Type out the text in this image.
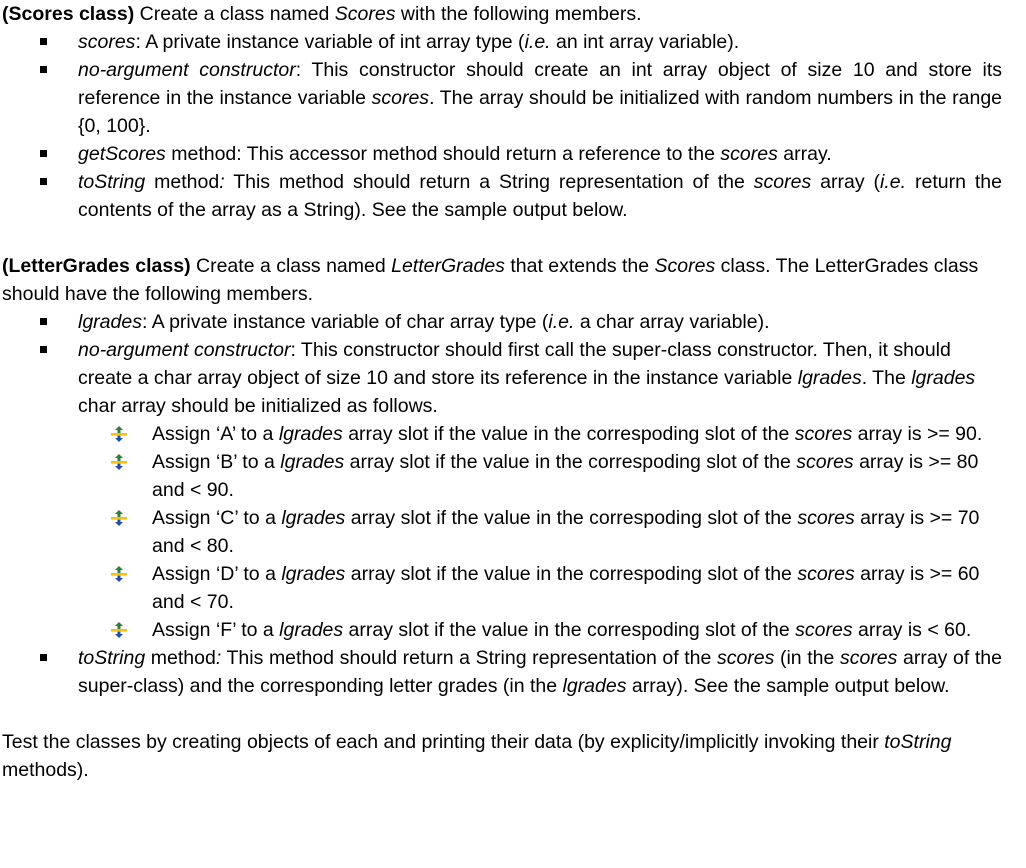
(Scores class) Create a class named Scores with the following members.

scores: A private instance variable of int array type (i.e. an int array variable).
no-argument constructor: This constructor should create an int array object of size 10 and store its reference in the instance variable scores. The array should be initialized with random numbers in the range {0, 100}.
getScores method: This accessor method should return a reference to the scores array.
toString method: This method should return a String representation of the scores array (i.e. return the contents of the array as a String). See the sample output below.

(LetterGrades class) Create a class named LetterGrades that extends the Scores class. The LetterGrades class should have the following members.

lgrades: A private instance variable of char array type (i.e. a char array variable).
no-argument constructor: This constructor should first call the super-class constructor. Then, it should create a char array object of size 10 and store its reference in the instance variable lgrades. The lgrades char array should be initialized as follows.
Assign ‘A’ to a lgrades array slot if the value in the correspoding slot of the scores array is >= 90.
Assign ‘B’ to a lgrades array slot if the value in the correspoding slot of the scores array is >= 80 and < 90.
Assign ‘C’ to a lgrades array slot if the value in the correspoding slot of the scores array is >= 70 and < 80.
Assign ‘D’ to a lgrades array slot if the value in the correspoding slot of the scores array is >= 60 and < 70.
Assign ‘F’ to a lgrades array slot if the value in the correspoding slot of the scores array is < 60.
toString method: This method should return a String representation of the scores (in the scores array of the super-class) and the corresponding letter grades (in the lgrades array). See the sample output below.

Test the classes by creating objects of each and printing their data (by explicity/implicitly invoking their toString methods).
